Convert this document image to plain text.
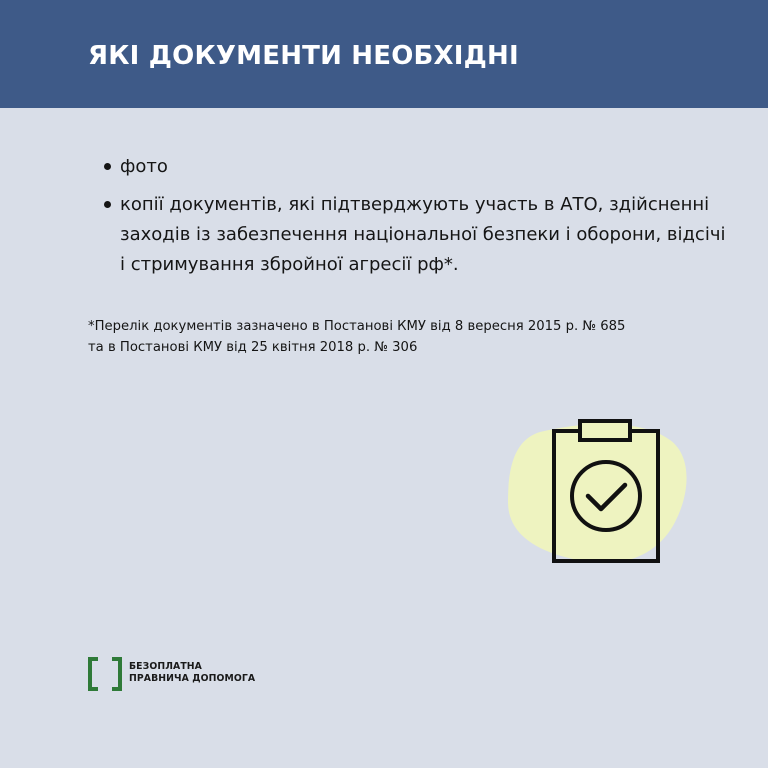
ЯКІ ДОКУМЕНТИ НЕОБХІДНІ
фото
копії документів, які підтверджують участь в АТО, здійсненні заходів із забезпечення національної безпеки і оборони, відсічі і стримування збройної агресії рф*.
*Перелік документів зазначено в Постанові КМУ від 8 вересня 2015 р. № 685
та в Постанові КМУ від 25 квітня 2018 р. № 306
БЕЗОПЛАТНА
ПРАВНИЧА ДОПОМОГА
